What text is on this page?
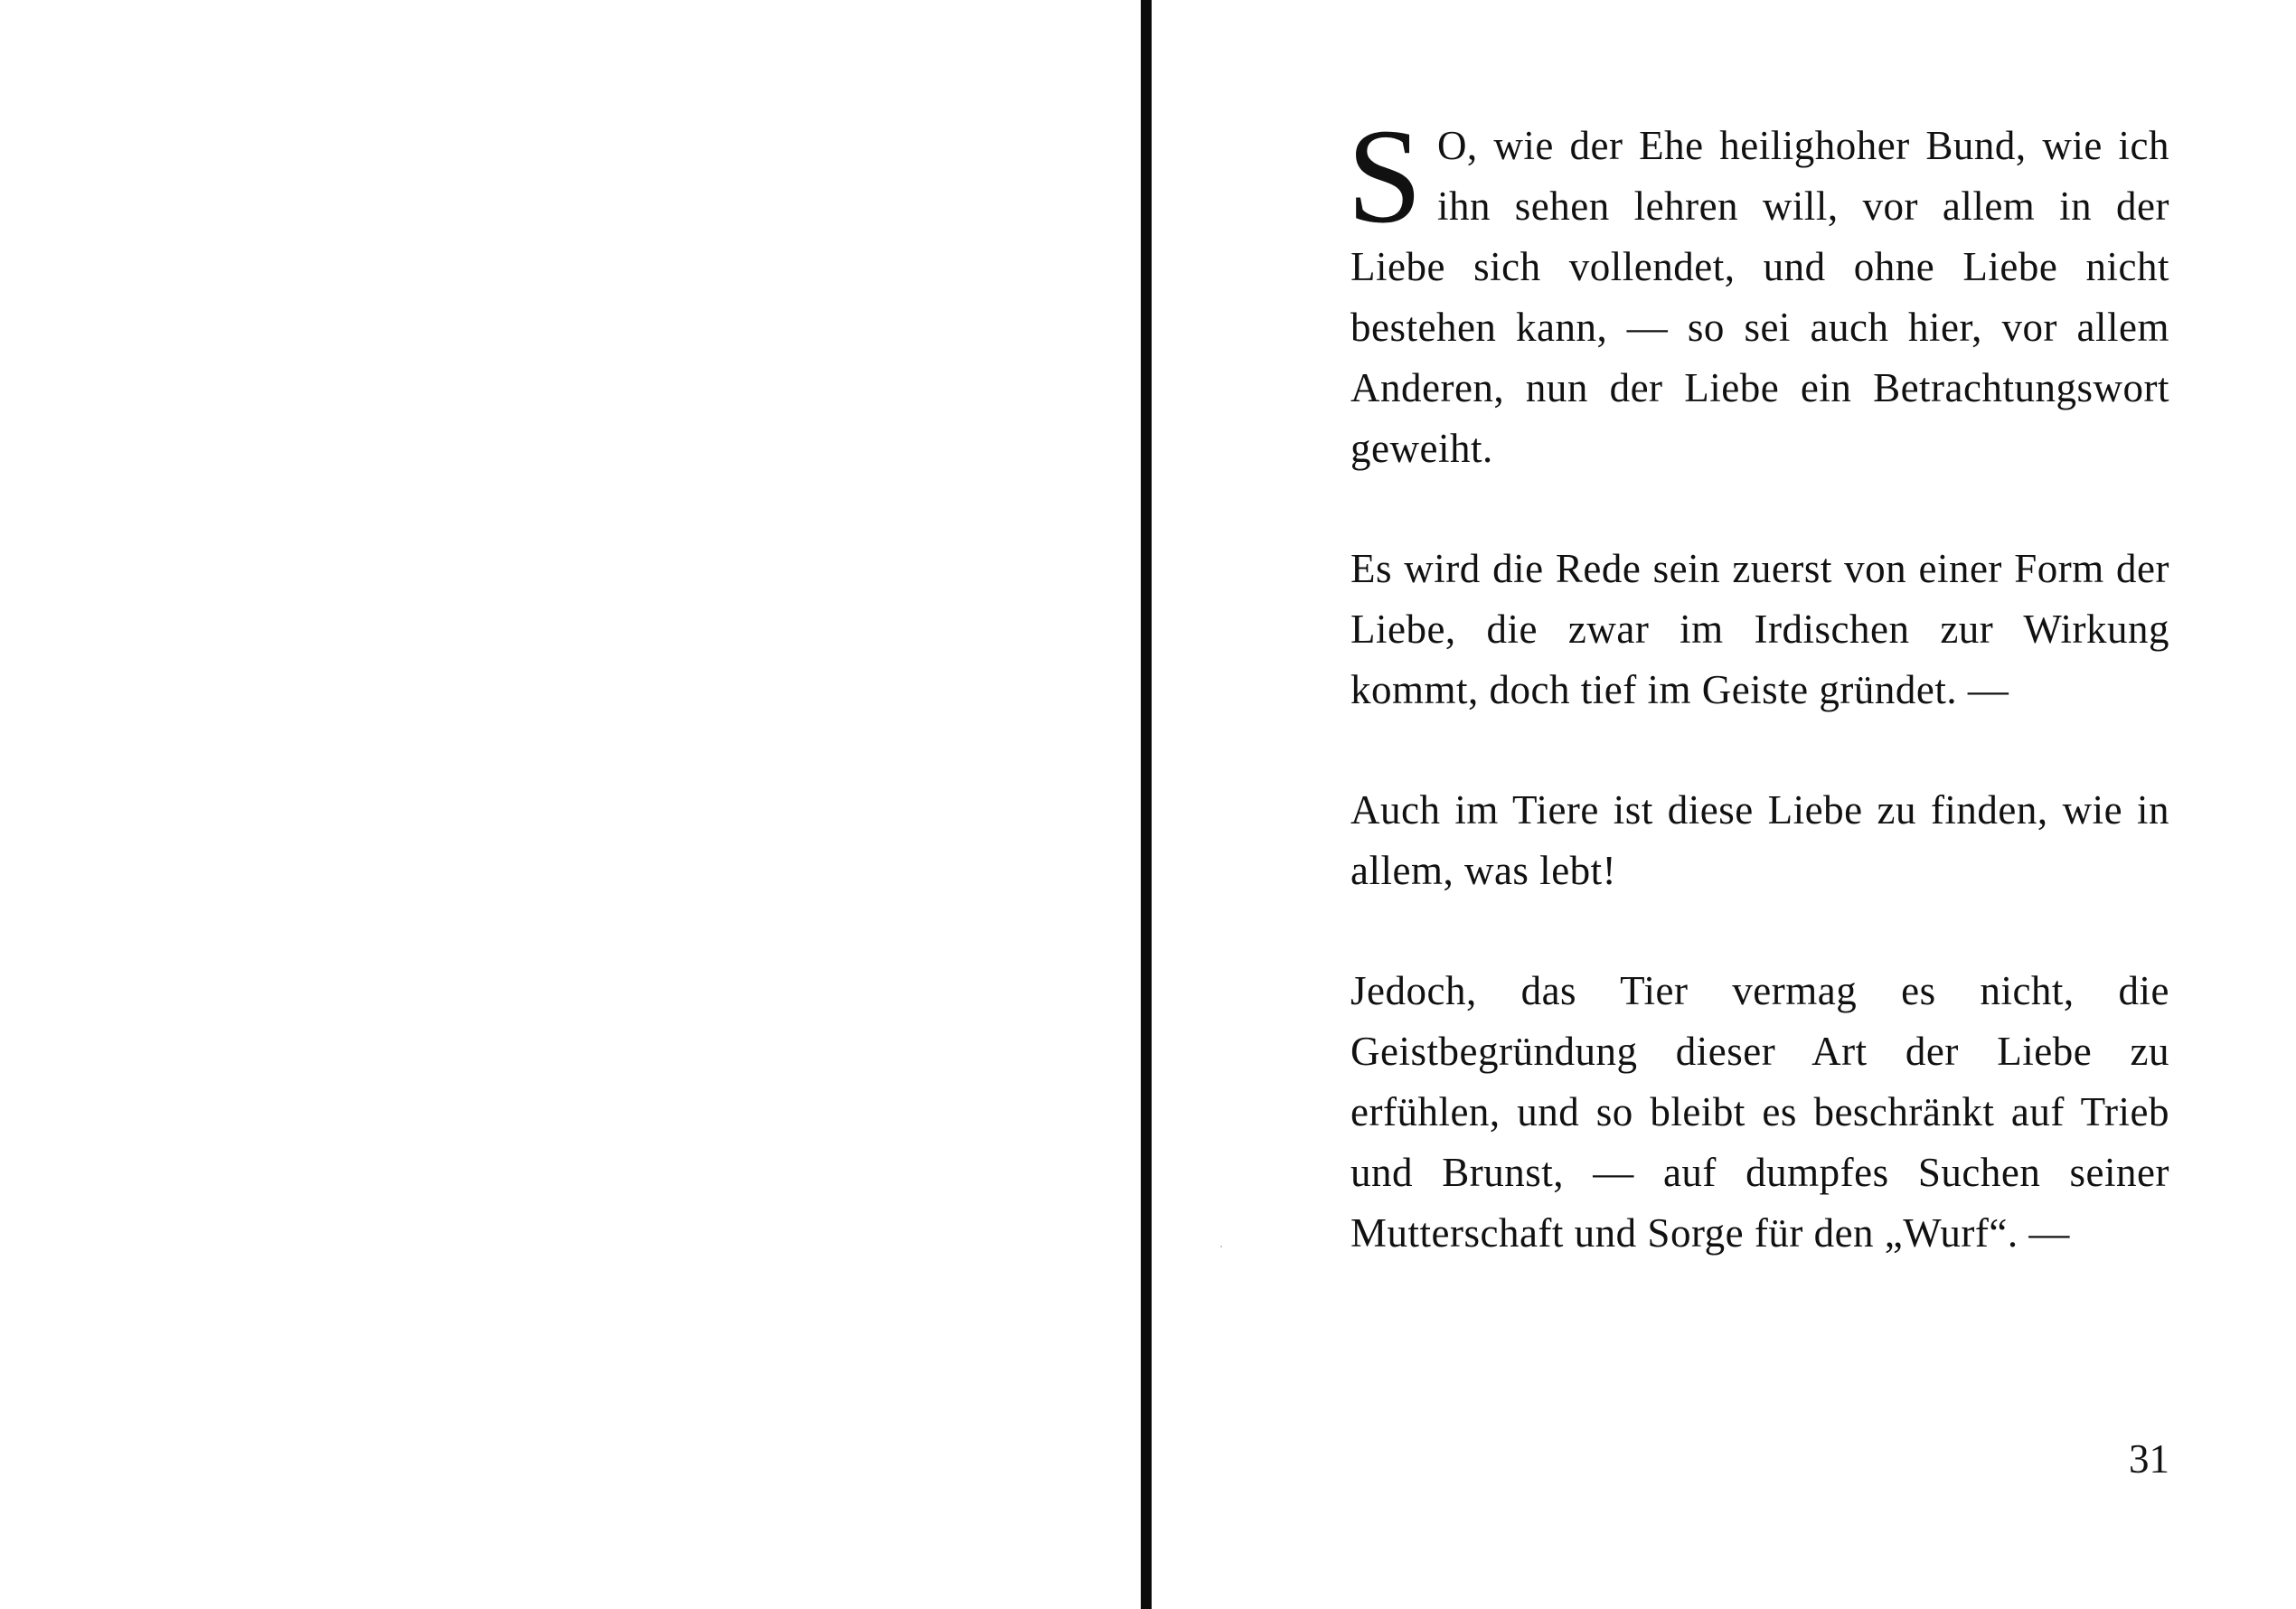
S O, wie der Ehe heilighoher Bund, wie ich ihn sehen lehren will, vor allem in der Liebe sich vollendet, und ohne Liebe nicht bestehen kann, — so sei auch hier, vor allem Anderen, nun der Liebe ein Betrachtungswort geweiht.

Es wird die Rede sein zuerst von einer Form der Liebe, die zwar im Irdischen zur Wirkung kommt, doch tief im Geiste gründet. —

Auch im Tiere ist diese Liebe zu finden, wie in allem, was lebt!

Jedoch, das Tier vermag es nicht, die Geistbegründung dieser Art der Liebe zu erfühlen, und so bleibt es beschränkt auf Trieb und Brunst, — auf dumpfes Suchen seiner Mutterschaft und Sorge für den „Wurf“. —

31
